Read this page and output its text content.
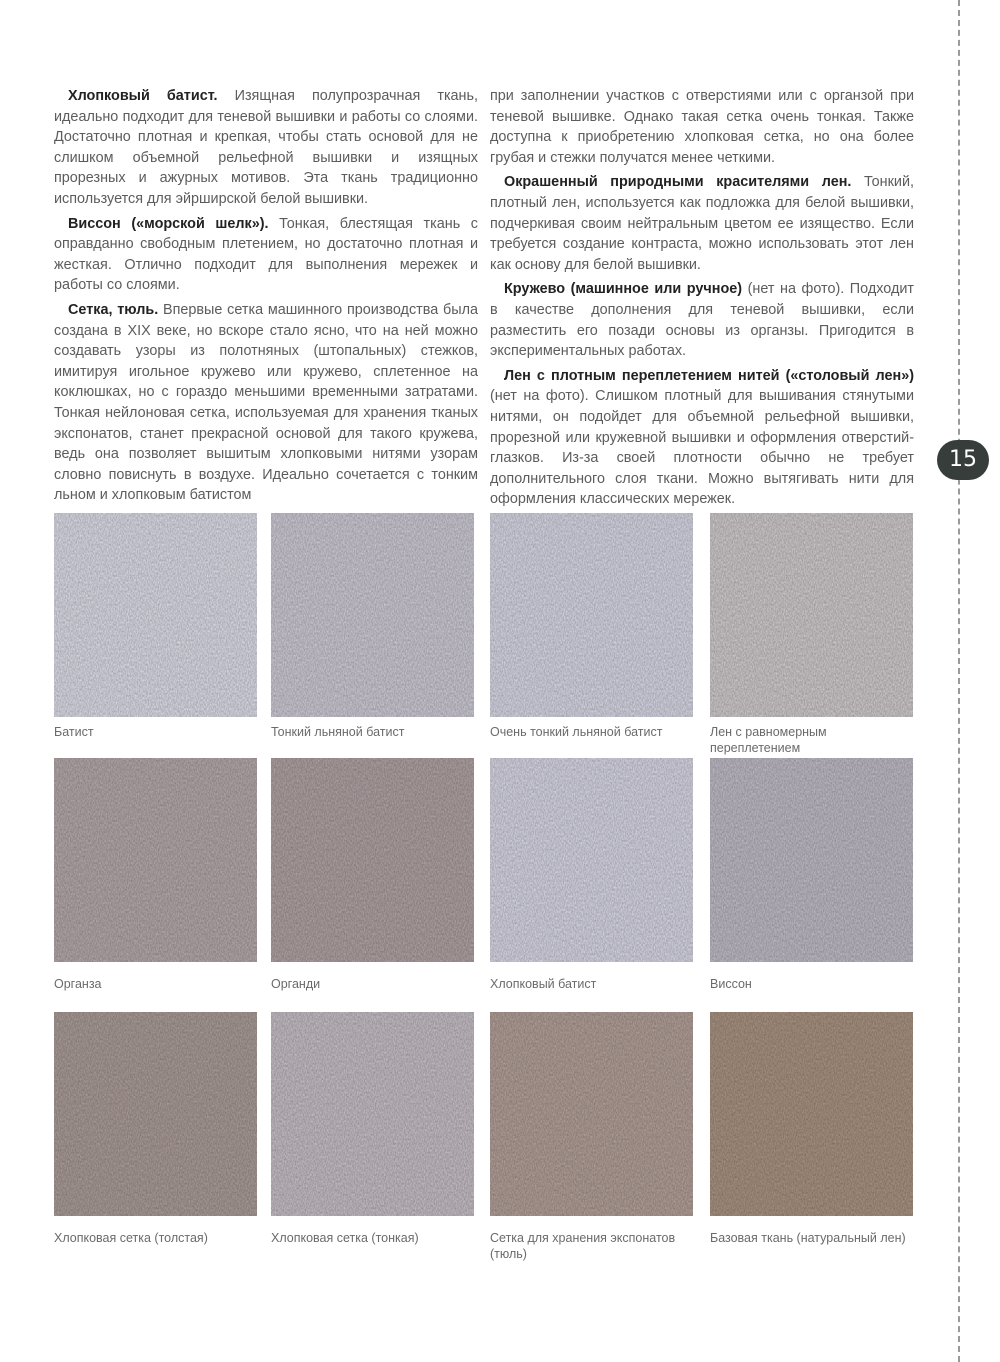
15

Хлопковый батист. Изящная полупрозрачная ткань, идеально подходит для теневой вышивки и работы со слоями. Достаточно плотная и крепкая, чтобы стать основой для не слишком объемной рельефной вышивки и изящных прорезных и ажурных мотивов. Эта ткань традиционно используется для эйрширской белой вышивки.

Виссон («морской шелк»). Тонкая, блестящая ткань с оправданно свободным плетением, но достаточно плотная и жесткая. Отлично подходит для выполнения мережек и работы со слоями.

Сетка, тюль. Впервые сетка машинного производства была создана в XIX веке, но вскоре стало ясно, что на ней можно создавать узоры из полотняных (штопальных) стежков, имитируя игольное кружево или кружево, сплетенное на коклюшках, но с гораздо меньшими временными затратами. Тонкая нейлоновая сетка, используемая для хранения тканых экспонатов, станет прекрасной основой для такого кружева, ведь она позволяет вышитым хлопковыми нитями узорам словно повиснуть в воздухе. Идеально сочетается с тонким льном и хлопковым батистом

при заполнении участков с отверстиями или с органзой при теневой вышивке. Однако такая сетка очень тонкая. Также доступна к приобретению хлопковая сетка, но она более грубая и стежки получатся менее четкими.

Окрашенный природными красителями лен. Тонкий, плотный лен, используется как подложка для белой вышивки, подчеркивая своим нейтральным цветом ее изящество. Если требуется создание контраста, можно использовать этот лен как основу для белой вышивки.

Кружево (машинное или ручное) (нет на фото). Подходит в качестве дополнения для теневой вышивки, если разместить его позади основы из органзы. Пригодится в экспериментальных работах.

Лен с плотным переплетением нитей («столовый лен») (нет на фото). Слишком плотный для вышивания стянутыми нитями, он подойдет для объемной рельефной вышивки, прорезной или кружевной вышивки и оформления отверстий-глазков. Из-за своей плотности обычно не требует дополнительного слоя ткани. Можно вытягивать нити для оформления классических мережек.

Батист	Тонкий льняной батист	Очень тонкий льняной батист	Лен с равномерным переплетением
Органза	Органди	Хлопковый батист	Виссон
Хлопковая сетка (толстая)	Хлопковая сетка (тонкая)	Сетка для хранения экспонатов (тюль)
Базовая ткань (натуральный лен)
